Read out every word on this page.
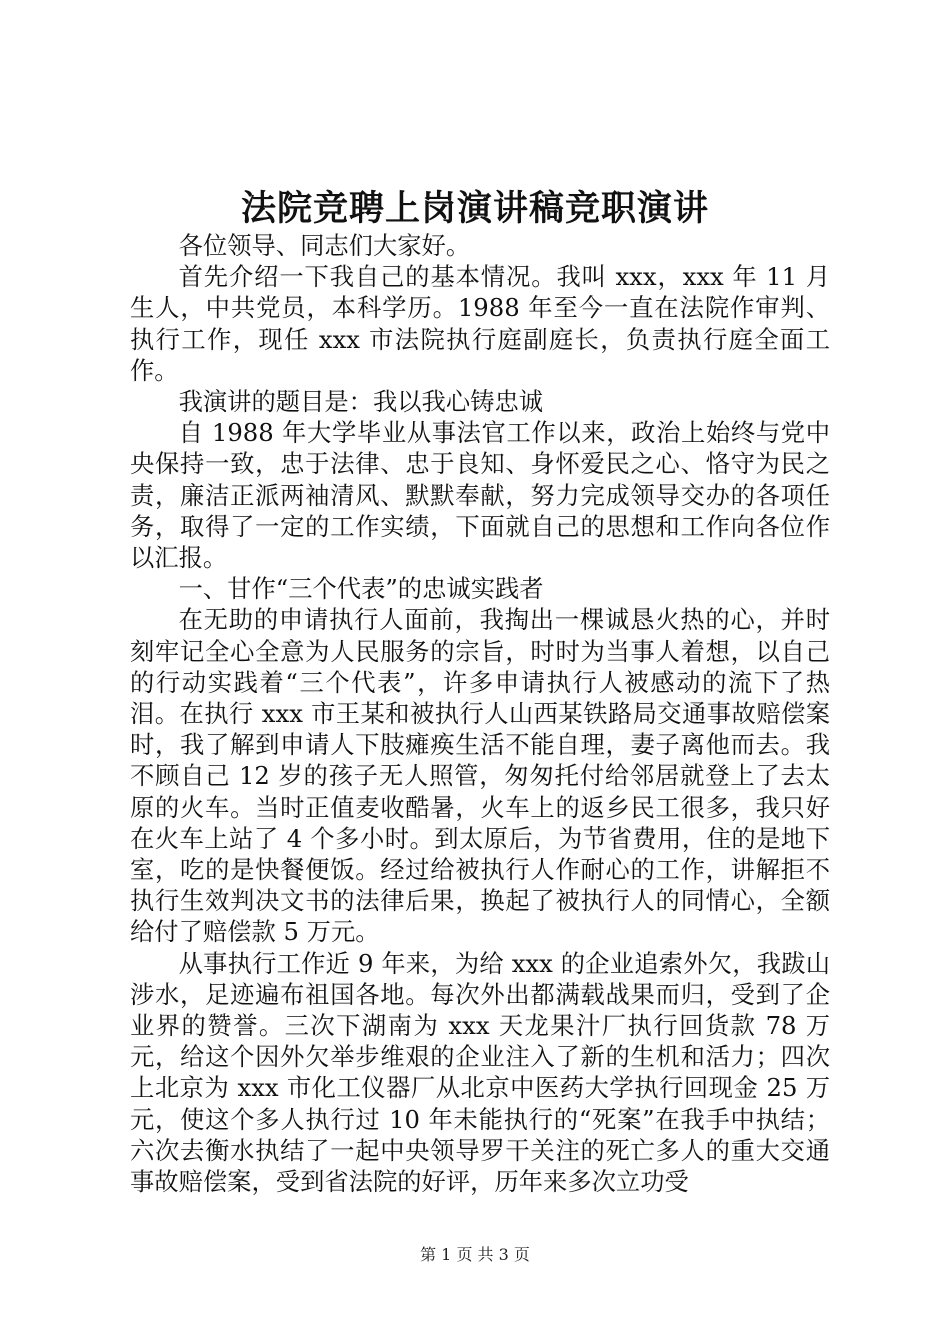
法院竞聘上岗演讲稿竞职演讲

各位领导、同志们大家好。

首先介绍一下我自己的基本情况。我叫 xxx，xxx 年 11 月生人，中共党员，本科学历。1988 年至今一直在法院作审判、执行工作，现任 xxx 市法院执行庭副庭长，负责执行庭全面工作。

我演讲的题目是：我以我心铸忠诚

自 1988 年大学毕业从事法官工作以来，政治上始终与党中央保持一致，忠于法律、忠于良知、身怀爱民之心、恪守为民之责，廉洁正派两袖清风、默默奉献，努力完成领导交办的各项任务，取得了一定的工作实绩，下面就自己的思想和工作向各位作以汇报。

一、甘作“三个代表”的忠诚实践者

在无助的申请执行人面前，我掏出一棵诚恳火热的心，并时刻牢记全心全意为人民服务的宗旨，时时为当事人着想，以自己的行动实践着“三个代表”，许多申请执行人被感动的流下了热泪。在执行 xxx 市王某和被执行人山西某铁路局交通事故赔偿案时，我了解到申请人下肢瘫痪生活不能自理，妻子离他而去。我不顾自己 12 岁的孩子无人照管，匆匆托付给邻居就登上了去太原的火车。当时正值麦收酷暑，火车上的返乡民工很多，我只好在火车上站了 4 个多小时。到太原后，为节省费用，住的是地下室，吃的是快餐便饭。经过给被执行人作耐心的工作，讲解拒不执行生效判决文书的法律后果，换起了被执行人的同情心，全额给付了赔偿款 5 万元。

从事执行工作近 9 年来，为给 xxx 的企业追索外欠，我跋山涉水，足迹遍布祖国各地。每次外出都满载战果而归，受到了企业界的赞誉。三次下湖南为 xxx 天龙果汁厂执行回货款 78 万元，给这个因外欠举步维艰的企业注入了新的生机和活力；四次上北京为 xxx 市化工仪器厂从北京中医药大学执行回现金 25 万元，使这个多人执行过 10 年未能执行的“死案”在我手中执结；六次去衡水执结了一起中央领导罗干关注的死亡多人的重大交通事故赔偿案，受到省法院的好评，历年来多次立功受

第 1 页 共 3 页
